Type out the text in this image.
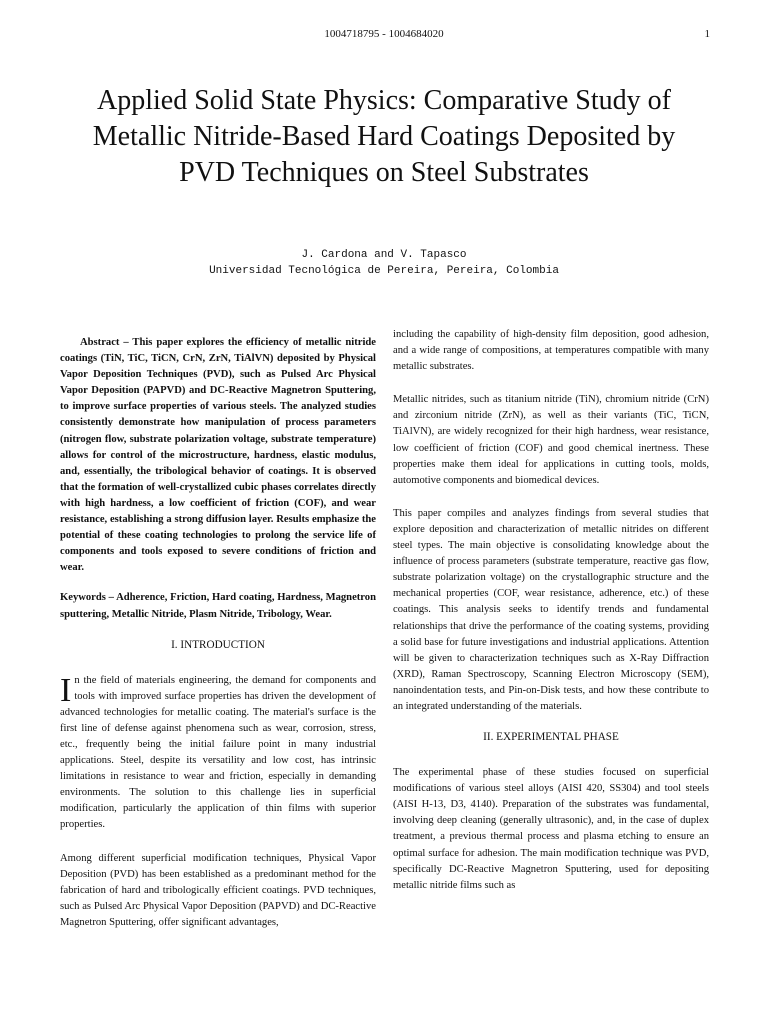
1004718795 - 1004684020	1
Applied Solid State Physics: Comparative Study of Metallic Nitride-Based Hard Coatings Deposited by PVD Techniques on Steel Substrates
J. Cardona and V. Tapasco
Universidad Tecnológica de Pereira, Pereira, Colombia

Abstract – This paper explores the efficiency of metallic nitride coatings (TiN, TiC, TiCN, CrN, ZrN, TiAlVN) deposited by Physical Vapor Deposition Techniques (PVD), such as Pulsed Arc Physical Vapor Deposition (PAPVD) and DC-Reactive Magnetron Sputtering, to improve surface properties of various steels. The analyzed studies consistently demonstrate how manipulation of process parameters (nitrogen flow, substrate polarization voltage, substrate temperature) allows for control of the microstructure, hardness, elastic modulus, and, essentially, the tribological behavior of coatings. It is observed that the formation of well-crystallized cubic phases correlates directly with high hardness, a low coefficient of friction (COF), and wear resistance, establishing a strong diffusion layer. Results emphasize the potential of these coating technologies to prolong the service life of components and tools exposed to severe conditions of friction and wear.

Keywords – Adherence, Friction, Hard coating, Hardness, Magnetron sputtering, Metallic Nitride, Plasm Nitride, Tribology, Wear.

I. INTRODUCTION

In the field of materials engineering, the demand for components and tools with improved surface properties has driven the development of advanced technologies for metallic coating. The material's surface is the first line of defense against phenomena such as wear, corrosion, stress, etc., frequently being the initial failure point in many industrial applications. Steel, despite its versatility and low cost, has intrinsic limitations in resistance to wear and friction, especially in demanding environments. The solution to this challenge lies in superficial modification, particularly the application of thin films with superior properties.

Among different superficial modification techniques, Physical Vapor Deposition (PVD) has been established as a predominant method for the fabrication of hard and tribologically efficient coatings. PVD techniques, such as Pulsed Arc Physical Vapor Deposition (PAPVD) and DC-Reactive Magnetron Sputtering, offer significant advantages,

including the capability of high-density film deposition, good adhesion, and a wide range of compositions, at temperatures compatible with many metallic substrates.

Metallic nitrides, such as titanium nitride (TiN), chromium nitride (CrN) and zirconium nitride (ZrN), as well as their variants (TiC, TiCN, TiAlVN), are widely recognized for their high hardness, wear resistance, low coefficient of friction (COF) and good chemical inertness. These properties make them ideal for applications in cutting tools, molds, automotive components and biomedical devices.

This paper compiles and analyzes findings from several studies that explore deposition and characterization of metallic nitrides on different steel types. The main objective is consolidating knowledge about the influence of process parameters (substrate temperature, reactive gas flow, substrate polarization voltage) on the crystallographic structure and the mechanical properties (COF, wear resistance, adherence, etc.) of these coatings. This analysis seeks to identify trends and fundamental relationships that drive the performance of the coating systems, providing a solid base for future investigations and industrial applications. Attention will be given to characterization techniques such as X-Ray Diffraction (XRD), Raman Spectroscopy, Scanning Electron Microscopy (SEM), nanoindentation tests, and Pin-on-Disk tests, and how these contribute to an integrated understanding of the materials.

II. EXPERIMENTAL PHASE

The experimental phase of these studies focused on superficial modifications of various steel alloys (AISI 420, SS304) and tool steels (AISI H-13, D3, 4140). Preparation of the substrates was fundamental, involving deep cleaning (generally ultrasonic), and, in the case of duplex treatment, a previous thermal process and plasma etching to ensure an optimal surface for adhesion. The main modification technique was PVD, specifically DC-Reactive Magnetron Sputtering, used for depositing metallic nitride films such as
